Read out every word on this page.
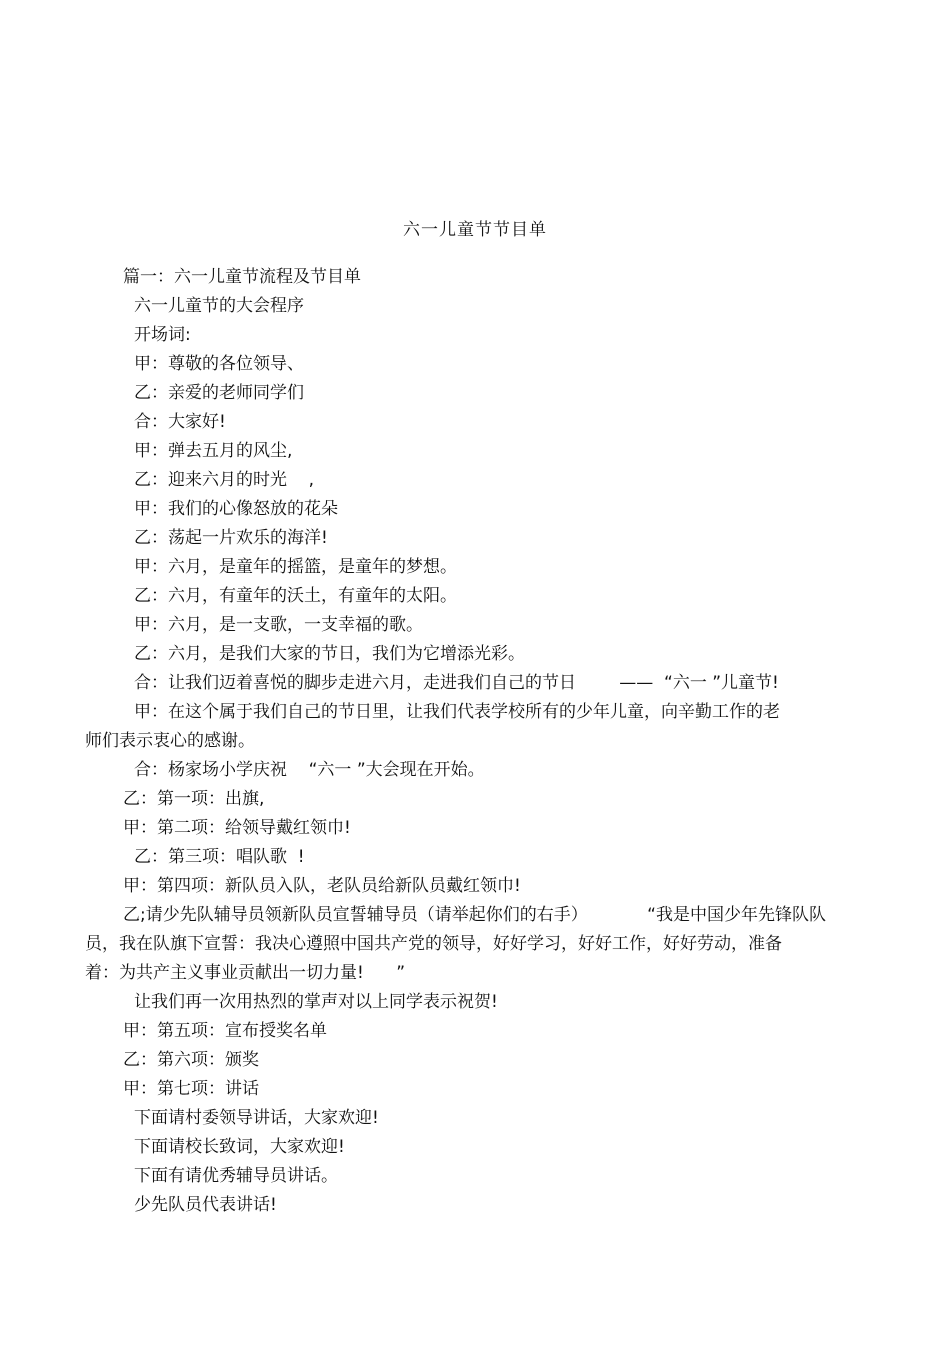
六一儿童节节目单
篇一：六一儿童节流程及节目单
六一儿童节的大会程序
开场词:
甲：尊敬的各位领导、
乙：亲爱的老师同学们
合：大家好!
甲：弹去五月的风尘,
乙：迎来六月的时光    ,
甲：我们的心像怒放的花朵
乙：荡起一片欢乐的海洋!
甲：六月，是童年的摇篮，是童年的梦想。
乙：六月，有童年的沃土，有童年的太阳。
甲：六月，是一支歌，一支幸福的歌。
乙：六月，是我们大家的节日，我们为它增添光彩。
合：让我们迈着喜悦的脚步走进六月，走进我们自己的节日        ——  “六一 ”儿童节!
甲：在这个属于我们自己的节日里，让我们代表学校所有的少年儿童，向辛勤工作的老
师们表示衷心的感谢。
合：杨家场小学庆祝    “六一 ”大会现在开始。
乙：第一项：出旗,
甲：第二项：给领导戴红领巾!
乙：第三项：唱队歌  !
甲：第四项：新队员入队，老队员给新队员戴红领巾!
乙;请少先队辅导员领新队员宣誓辅导员（请举起你们的右手）           “我是中国少年先锋队队
员，我在队旗下宣誓：我决心遵照中国共产党的领导，好好学习，好好工作，好好劳动，准备
着：为共产主义事业贡献出一切力量!      ”
让我们再一次用热烈的掌声对以上同学表示祝贺!
甲：第五项：宣布授奖名单
乙：第六项：颁奖
甲：第七项：讲话
下面请村委领导讲话，大家欢迎!
下面请校长致词，大家欢迎!
下面有请优秀辅导员讲话。
少先队员代表讲话!
